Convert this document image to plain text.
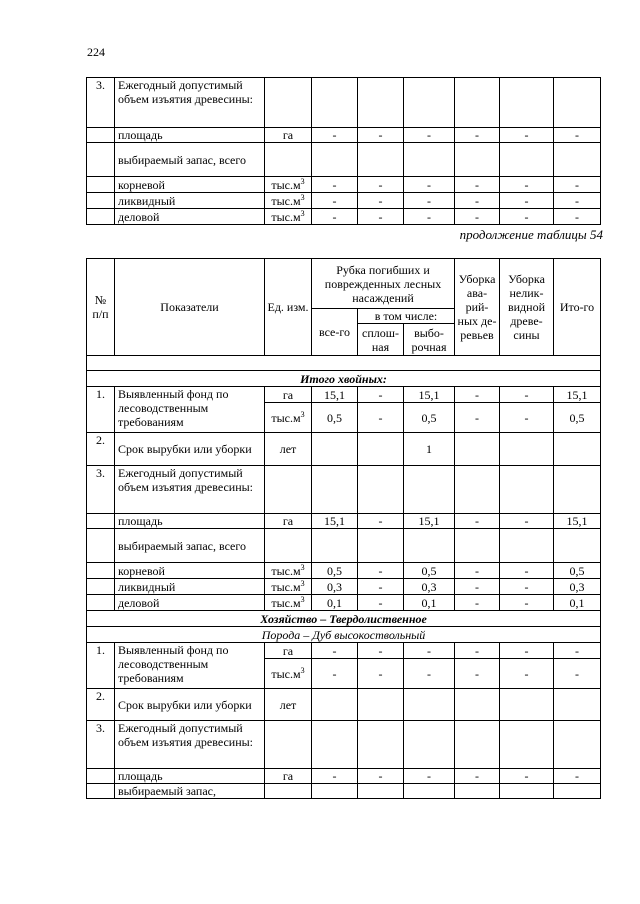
224
3.	Ежегодный допустимый объем изъятия древесины:							
	площадь	га	-	-	-	-	-	-
	выбираемый запас, всего							
	корневой	$тыс.м^3$	-	-	-	-	-	-
	ликвидный	$тыс.м^3$	-	-	-	-	-	-
	деловой	$тыс.м^3$	-	-	-	-	-	-
продолжение таблицы 54
№ п/п	Показатели	Ед. изм.	Рубка погибших и поврежденных лесных насаждений			Уборка ава-рий-ных де-ревьев	Уборка нелик-видной древе-сины	Ито-го
			все-го	в том числе:				
				сплош-ная	выбо-рочная			

Итого хвойных:								
1.	Выявленный фонд по лесоводственным требованиям	га	15,1	-	15,1	-	-	15,1
		$тыс.м^3$	0,5	-	0,5	-	-	0,5
2.	Срок вырубки или уборки	лет			1			
3.	Ежегодный допустимый объем изъятия древесины:							
	площадь	га	15,1	-	15,1	-	-	15,1
	выбираемый запас, всего							
	корневой	$тыс.м^3$	0,5	-	0,5	-	-	0,5
	ликвидный	$тыс.м^3$	0,3	-	0,3	-	-	0,3
	деловой	$тыс.м^3$	0,1	-	0,1	-	-	0,1
Хозяйство – Твердолиственное								
Порода – Дуб высокоствольный								
1.	Выявленный фонд по лесоводственным требованиям	га	-	-	-	-	-	-
		$тыс.м^3$	-	-	-	-	-	-
2.	Срок вырубки или уборки	лет						
3.	Ежегодный допустимый объем изъятия древесины:							
	площадь	га	-	-	-	-	-	-
	выбираемый запас,							
